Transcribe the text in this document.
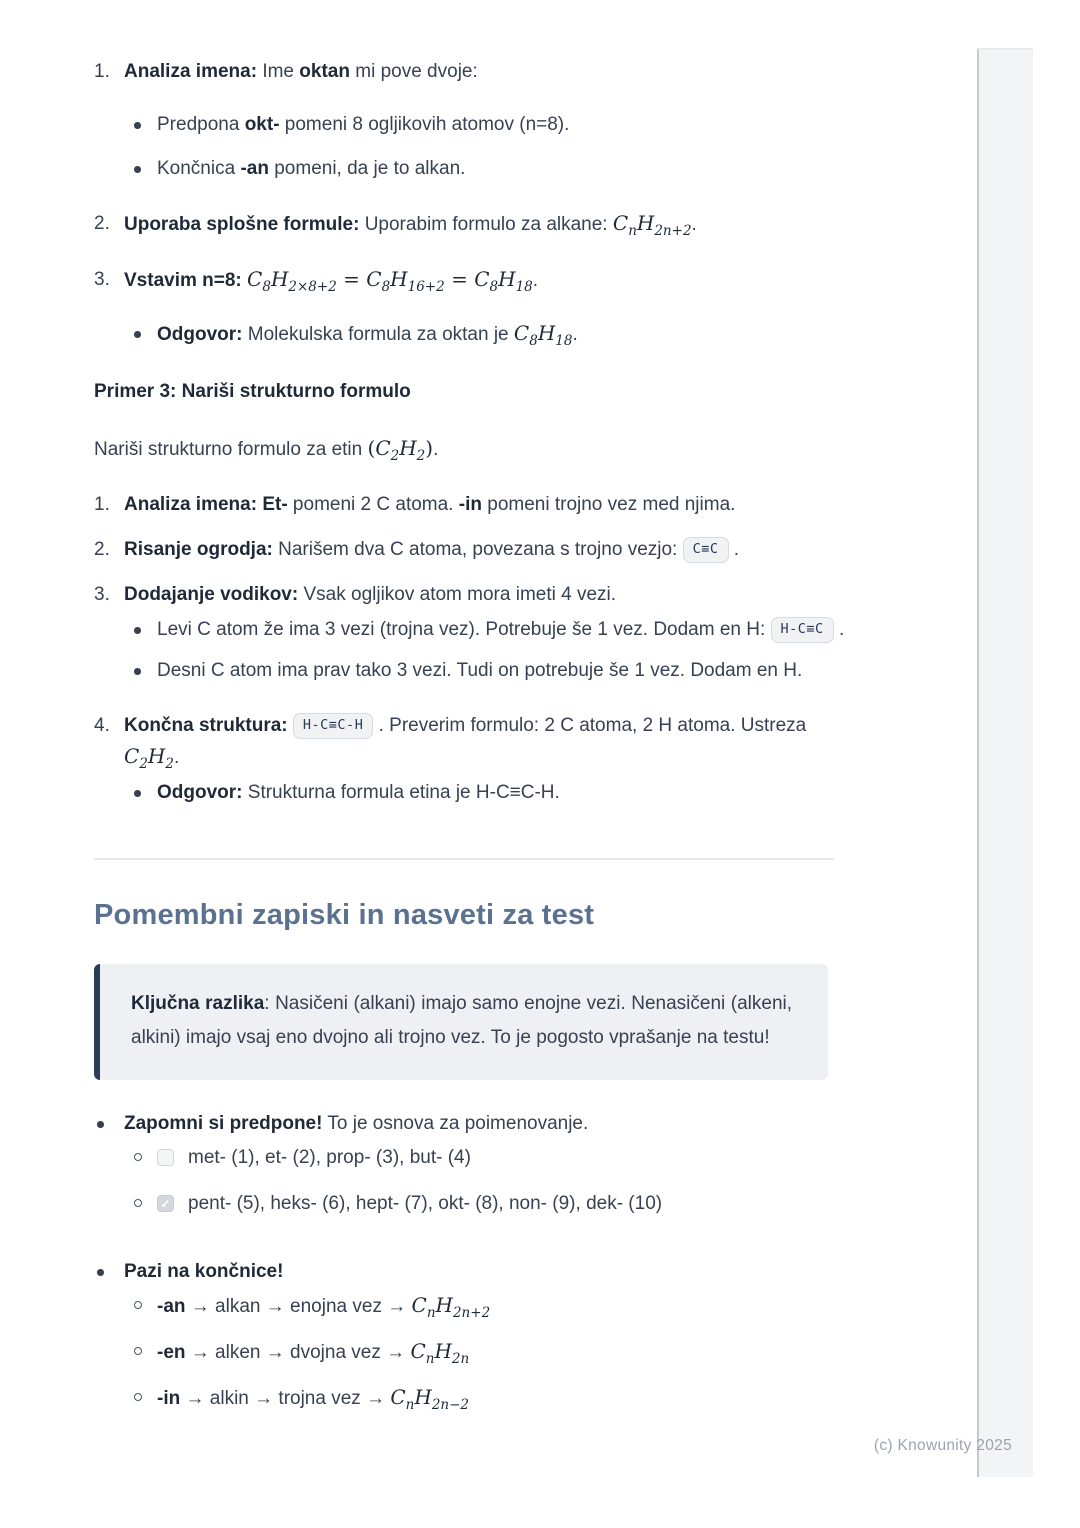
1. Analiza imena: Ime oktan mi pove dvoje:
Predpona okt- pomeni 8 ogljikovih atomov (n=8).
Končnica -an pomeni, da je to alkan.
2. Uporaba splošne formule: Uporabim formulo za alkane: $C_nH_{2n+2}$.
3. Vstavim n=8: $C_8H_{2\times 8+2} = C_8H_{16+2} = C_8H_{18}$.
Odgovor: Molekulska formula za oktan je $C_8H_{18}$.
Primer 3: Nariši strukturno formulo

Nariši strukturno formulo za etin $(C_2H_2)$.

1. Analiza imena: Et- pomeni 2 C atoma. -in pomeni trojno vez med njima.
2. Risanje ogrodja: Narišem dva C atoma, povezana s trojno vezjo: C≡C .
3. Dodajanje vodikov: Vsak ogljikov atom mora imeti 4 vezi.
Levi C atom že ima 3 vezi (trojna vez). Potrebuje še 1 vez. Dodam en H: H-C≡C .
Desni C atom ima prav tako 3 vezi. Tudi on potrebuje še 1 vez. Dodam en H.
4. Končna struktura: H-C≡C-H . Preverim formulo: 2 C atoma, 2 H atoma. Ustreza $C_2H_2$.
Odgovor: Strukturna formula etina je H-C≡C-H.
Pomembni zapiski in nasveti za test
Ključna razlika: Nasičeni (alkani) imajo samo enojne vezi. Nenasičeni (alkeni, alkini) imajo vsaj eno dvojno ali trojno vez. To je pogosto vprašanje na testu!
Zapomni si predpone! To je osnova za poimenovanje.
met- (1), et- (2), prop- (3), but- (4)
✓
pent- (5), heks- (6), hept- (7), okt- (8), non- (9), dek- (10)
Pazi na končnice!
-an → alkan → enojna vez → $C_nH_{2n+2}$
-en → alken → dvojna vez → $C_nH_{2n}$
-in → alkin → trojna vez → $C_nH_{2n-2}$
(c) Knowunity 2025
